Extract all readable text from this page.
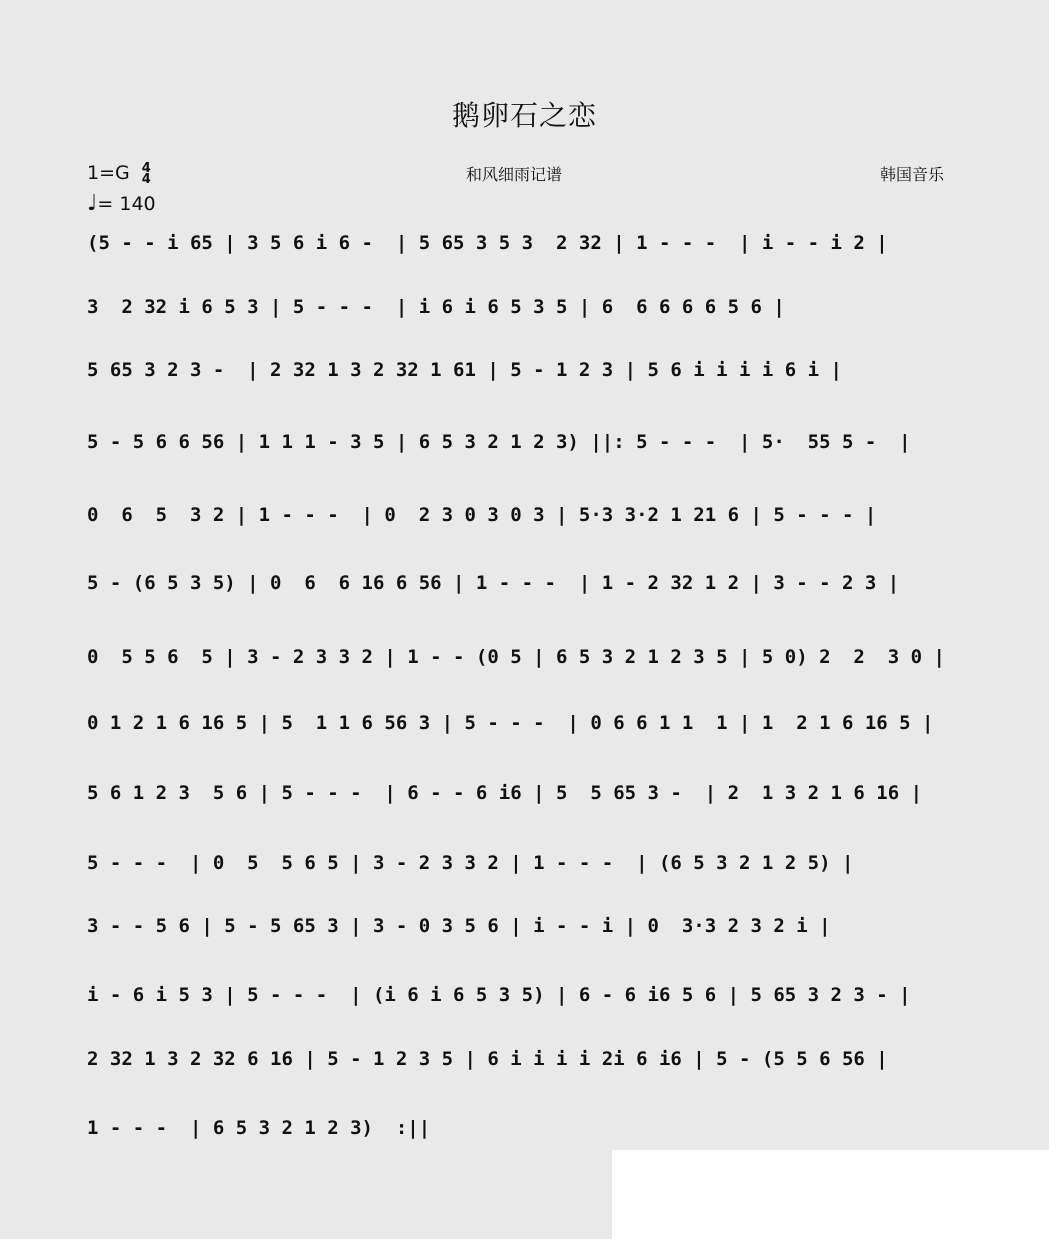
鹅卵石之恋
1=G 4
4
♩= 140
和风细雨记谱	韩国音乐
(5 - - i 65 | 3 5 6 i 6 -  | 5 65 3 5 3  2 32 | 1 - - -  | i - - i 2 |
3  2 32 i 6 5 3 | 5 - - -  | i 6 i 6 5 3 5 | 6  6 6 6 6 5 6 |
5 65 3 2 3 -  | 2 32 1 3 2 32 1 61 | 5 - 1 2 3 | 5 6 i i i i 6 i |
5 - 5 6 6 56 | 1 1 1 - 3 5 | 6 5 3 2 1 2 3) ||: 5 - - -  | 5·  55 5 -  |
0  6  5  3 2 | 1 - - -  | 0  2 3 0 3 0 3 | 5·3 3·2 1 21 6 | 5 - - - |
5 - (6 5 3 5) | 0  6  6 16 6 56 | 1 - - -  | 1 - 2 32 1 2 | 3 - - 2 3 |
0  5 5 6  5 | 3 - 2 3 3 2 | 1 - - (0 5 | 6 5 3 2 1 2 3 5 | 5 0) 2  2  3 0 |
0 1 2 1 6 16 5 | 5  1 1 6 56 3 | 5 - - -  | 0 6 6 1 1  1 | 1  2 1 6 16 5 |
5 6 1 2 3  5 6 | 5 - - -  | 6 - - 6 i6 | 5  5 65 3 -  | 2  1 3 2 1 6 16 |
5 - - -  | 0  5  5 6 5 | 3 - 2 3 3 2 | 1 - - -  | (6 5 3 2 1 2 5) |
3 - - 5 6 | 5 - 5 65 3 | 3 - 0 3 5 6 | i - - i | 0  3·3 2 3 2 i |
i - 6 i 5 3 | 5 - - -  | (i 6 i 6 5 3 5) | 6 - 6 i6 5 6 | 5 65 3 2 3 - |
2 32 1 3 2 32 6 16 | 5 - 1 2 3 5 | 6 i i i i 2i 6 i6 | 5 - (5 5 6 56 |
1 - - -  | 6 5 3 2 1 2 3)  :||
